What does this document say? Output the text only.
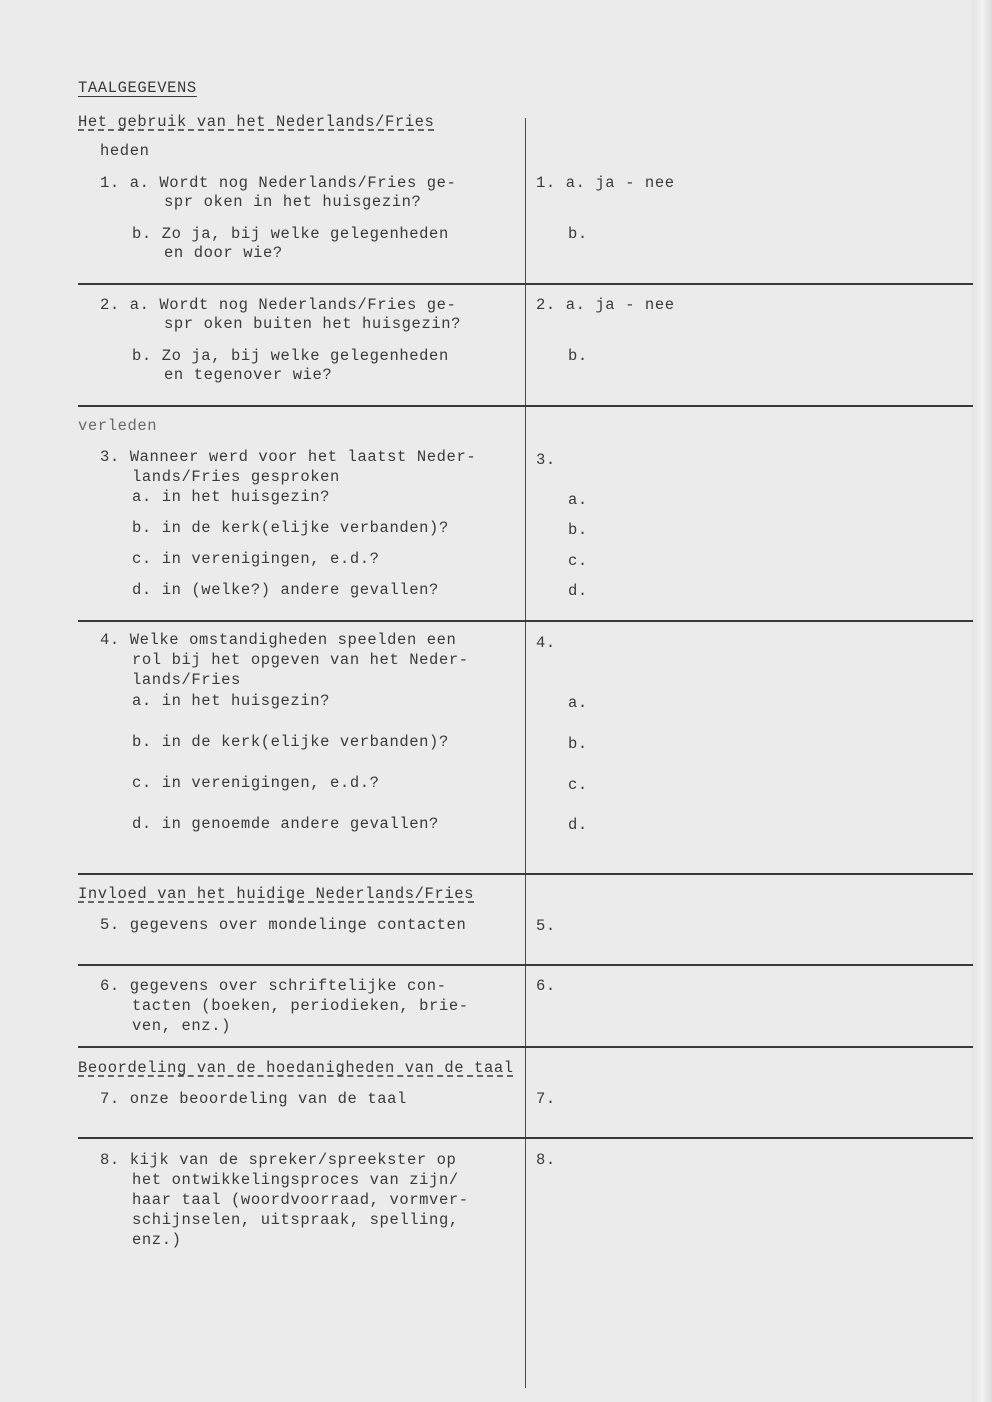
TAALGEGEVENS
Het gebruik van het Nederlands/Fries
heden
1. a. Wordt nog Nederlands/Fries ge-
spr oken in het huisgezin?
b. Zo ja, bij welke gelegenheden
en door wie?
1. a. ja - nee
b.
2. a. Wordt nog Nederlands/Fries ge-
spr oken buiten het huisgezin?
b. Zo ja, bij welke gelegenheden
en tegenover wie?
2. a. ja - nee
b.
verleden
3. Wanneer werd voor het laatst Neder-
lands/Fries gesproken
a. in het huisgezin?
b. in de kerk(elijke verbanden)?
c. in verenigingen, e.d.?
d. in (welke?) andere gevallen?
3.
a.
b.
c.
d.
4. Welke omstandigheden speelden een
rol bij het opgeven van het Neder-
lands/Fries
a. in het huisgezin?
b. in de kerk(elijke verbanden)?
c. in verenigingen, e.d.?
d. in genoemde andere gevallen?
4.
a.
b.
c.
d.
Invloed van het huidige Nederlands/Fries
5. gegevens over mondelinge contacten	5.
6. gegevens over schriftelijke con-
tacten (boeken, periodieken, brie-
ven, enz.)
6.
Beoordeling van de hoedanigheden van de taal
7. onze beoordeling van de taal	7.
8. kijk van de spreker/spreekster op
het ontwikkelingsproces van zijn/
haar taal (woordvoorraad, vormver-
schijnselen, uitspraak, spelling,
enz.)
8.
